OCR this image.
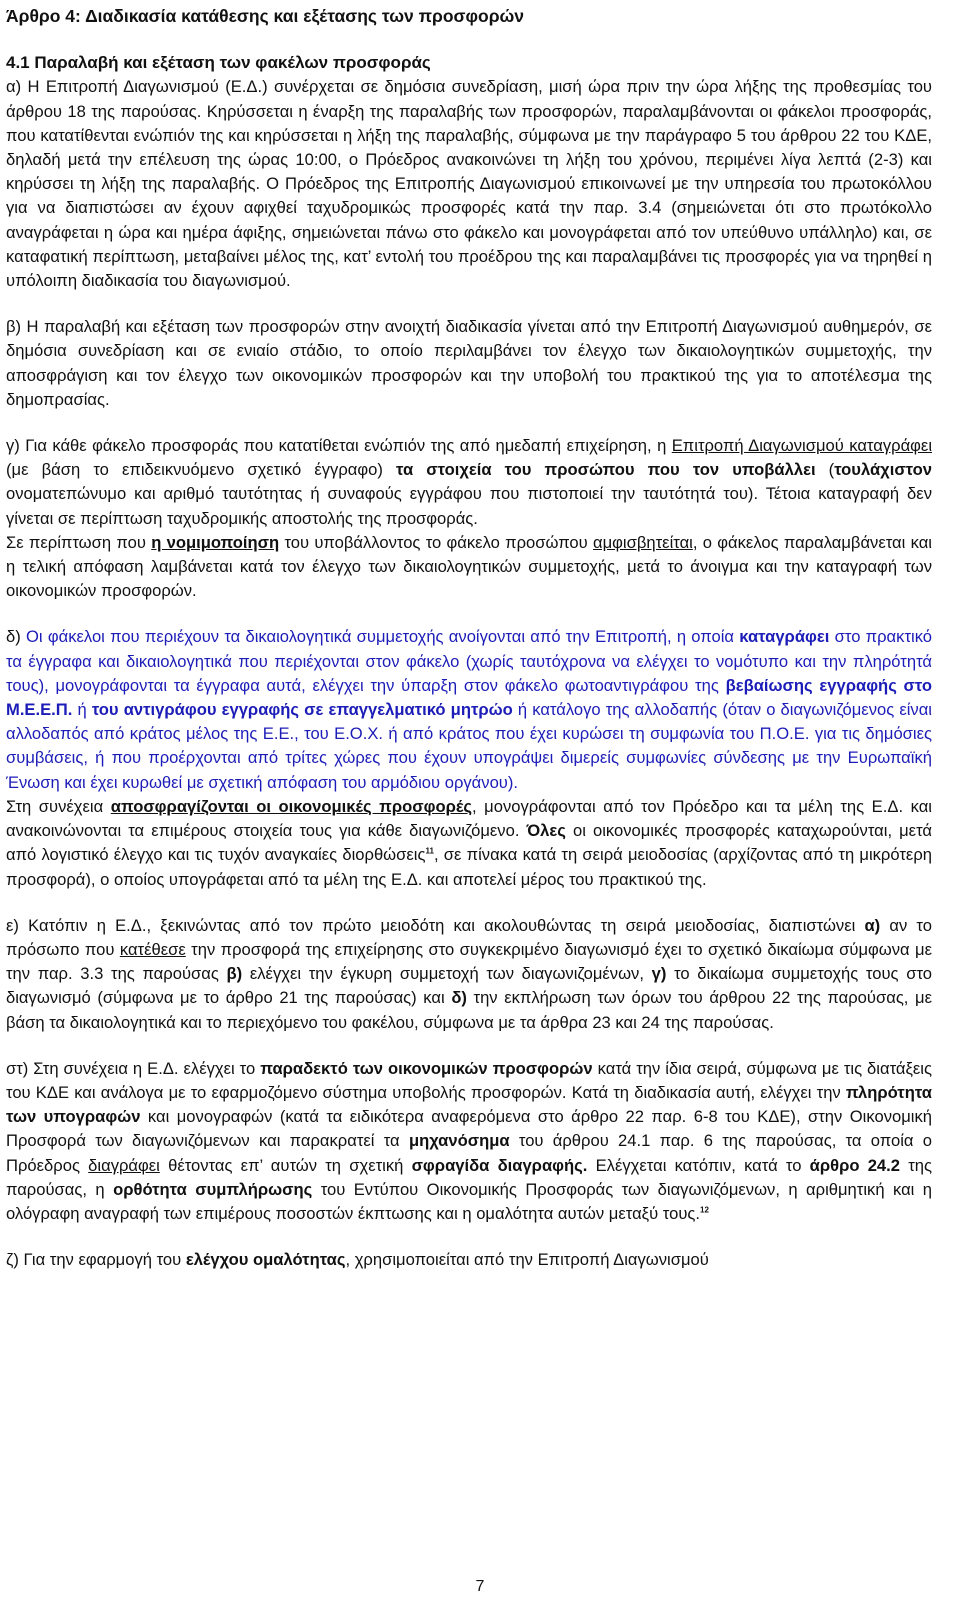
Άρθρο 4: Διαδικασία κατάθεσης και εξέτασης των προσφορών

4.1 Παραλαβή και εξέταση των φακέλων προσφοράς

α) Η Επιτροπή Διαγωνισμού (Ε.Δ.) συνέρχεται σε δημόσια συνεδρίαση, μισή ώρα πριν την ώρα λήξης της προθεσμίας του άρθρου 18 της παρούσας. Κηρύσσεται η έναρξη της παραλαβής των προσφορών, παραλαμβάνονται οι φάκελοι προσφοράς, που κατατίθενται ενώπιόν της και κηρύσσεται η λήξη της παραλαβής, σύμφωνα με την παράγραφο 5 του άρθρου 22 του ΚΔΕ, δηλαδή μετά την επέλευση της ώρας 10:00, ο Πρόεδρος ανακοινώνει τη λήξη του χρόνου, περιμένει λίγα λεπτά (2-3) και κηρύσσει τη λήξη της παραλαβής. Ο Πρόεδρος της Επιτροπής Διαγωνισμού επικοινωνεί με την υπηρεσία του πρωτοκόλλου για να διαπιστώσει αν έχουν αφιχθεί ταχυδρομικώς προσφορές κατά την παρ. 3.4 (σημειώνεται ότι στο πρωτόκολλο αναγράφεται η ώρα και ημέρα άφιξης, σημειώνεται πάνω στο φάκελο και μονογράφεται από τον υπεύθυνο υπάλληλο) και, σε καταφατική περίπτωση, μεταβαίνει μέλος της, κατ’ εντολή του προέδρου της και παραλαμβάνει τις προσφορές για να τηρηθεί η υπόλοιπη διαδικασία του διαγωνισμού.

β) Η παραλαβή και εξέταση των προσφορών στην ανοιχτή διαδικασία γίνεται από την Επιτροπή Διαγωνισμού αυθημερόν, σε δημόσια συνεδρίαση και σε ενιαίο στάδιο, το οποίο περιλαμβάνει τον έλεγχο των δικαιολογητικών συμμετοχής, την αποσφράγιση και τον έλεγχο των οικονομικών προσφορών και την υποβολή του πρακτικού της για το αποτέλεσμα της δημοπρασίας.

γ) Για κάθε φάκελο προσφοράς που κατατίθεται ενώπιόν της από ημεδαπή επιχείρηση, η Επιτροπή Διαγωνισμού καταγράφει (με βάση το επιδεικνυόμενο σχετικό έγγραφο) τα στοιχεία του προσώπου που τον υποβάλλει (τουλάχιστον ονοματεπώνυμο και αριθμό ταυτότητας ή συναφούς εγγράφου που πιστοποιεί την ταυτότητά του). Τέτοια καταγραφή δεν γίνεται σε περίπτωση ταχυδρομικής αποστολής της προσφοράς.

Σε περίπτωση που η νομιμοποίηση του υποβάλλοντος το φάκελο προσώπου αμφισβητείται, ο φάκελος παραλαμβάνεται και η τελική απόφαση λαμβάνεται κατά τον έλεγχο των δικαιολογητικών συμμετοχής, μετά το άνοιγμα και την καταγραφή των οικονομικών προσφορών.

δ) Οι φάκελοι που περιέχουν τα δικαιολογητικά συμμετοχής ανοίγονται από την Επιτροπή, η οποία καταγράφει στο πρακτικό τα έγγραφα και δικαιολογητικά που περιέχονται στον φάκελο (χωρίς ταυτόχρονα να ελέγχει το νομότυπο και την πληρότητά τους), μονογράφονται τα έγγραφα αυτά, ελέγχει την ύπαρξη στον φάκελο φωτοαντιγράφου της βεβαίωσης εγγραφής στο Μ.Ε.Ε.Π. ή του αντιγράφου εγγραφής σε επαγγελματικό μητρώο ή κατάλογο της αλλοδαπής (όταν ο διαγωνιζόμενος είναι αλλοδαπός από κράτος μέλος της Ε.Ε., του Ε.Ο.Χ. ή από κράτος που έχει κυρώσει τη συμφωνία του Π.Ο.Ε. για τις δημόσιες συμβάσεις, ή που προέρχονται από τρίτες χώρες που έχουν υπογράψει διμερείς συμφωνίες σύνδεσης με την Ευρωπαϊκή Ένωση και έχει κυρωθεί με σχετική απόφαση του αρμόδιου οργάνου).

Στη συνέχεια αποσφραγίζονται οι οικονομικές προσφορές, μονογράφονται από τον Πρόεδρο και τα μέλη της Ε.Δ. και ανακοινώνονται τα επιμέρους στοιχεία τους για κάθε διαγωνιζόμενο. Όλες οι οικονομικές προσφορές καταχωρούνται, μετά από λογιστικό έλεγχο και τις τυχόν αναγκαίες διορθώσεις$^{11}$, σε πίνακα κατά τη σειρά μειοδοσίας (αρχίζοντας από τη μικρότερη προσφορά), ο οποίος υπογράφεται από τα μέλη της Ε.Δ. και αποτελεί μέρος του πρακτικού της.

ε) Κατόπιν η Ε.Δ., ξεκινώντας από τον πρώτο μειοδότη και ακολουθώντας τη σειρά μειοδοσίας, διαπιστώνει α) αν το πρόσωπο που κατέθεσε την προσφορά της επιχείρησης στο συγκεκριμένο διαγωνισμό έχει το σχετικό δικαίωμα σύμφωνα με την παρ. 3.3 της παρούσας β) ελέγχει την έγκυρη συμμετοχή των διαγωνιζομένων, γ) το δικαίωμα συμμετοχής τους στο διαγωνισμό (σύμφωνα με το άρθρο 21 της παρούσας) και δ) την εκπλήρωση των όρων του άρθρου 22 της παρούσας, με βάση τα δικαιολογητικά και το περιεχόμενο του φακέλου, σύμφωνα με τα άρθρα 23 και 24 της παρούσας.

στ) Στη συνέχεια η Ε.Δ. ελέγχει το παραδεκτό των οικονομικών προσφορών κατά την ίδια σειρά, σύμφωνα με τις διατάξεις του ΚΔΕ και ανάλογα με το εφαρμοζόμενο σύστημα υποβολής προσφορών. Κατά τη διαδικασία αυτή, ελέγχει την πληρότητα των υπογραφών και μονογραφών (κατά τα ειδικότερα αναφερόμενα στο άρθρο 22 παρ. 6-8 του ΚΔΕ), στην Οικονομική Προσφορά των διαγωνιζόμενων και παρακρατεί τα μηχανόσημα του άρθρου 24.1 παρ. 6 της παρούσας, τα οποία ο Πρόεδρος διαγράφει θέτοντας επ’ αυτών τη σχετική σφραγίδα διαγραφής. Ελέγχεται κατόπιν, κατά το άρθρο 24.2 της παρούσας, η ορθότητα συμπλήρωσης του Εντύπου Οικονομικής Προσφοράς των διαγωνιζόμενων, η αριθμητική και η ολόγραφη αναγραφή των επιμέρους ποσοστών έκπτωσης και η ομαλότητα αυτών μεταξύ τους.$^{12}$

ζ) Για την εφαρμογή του ελέγχου ομαλότητας, χρησιμοποιείται από την Επιτροπή Διαγωνισμού

7
